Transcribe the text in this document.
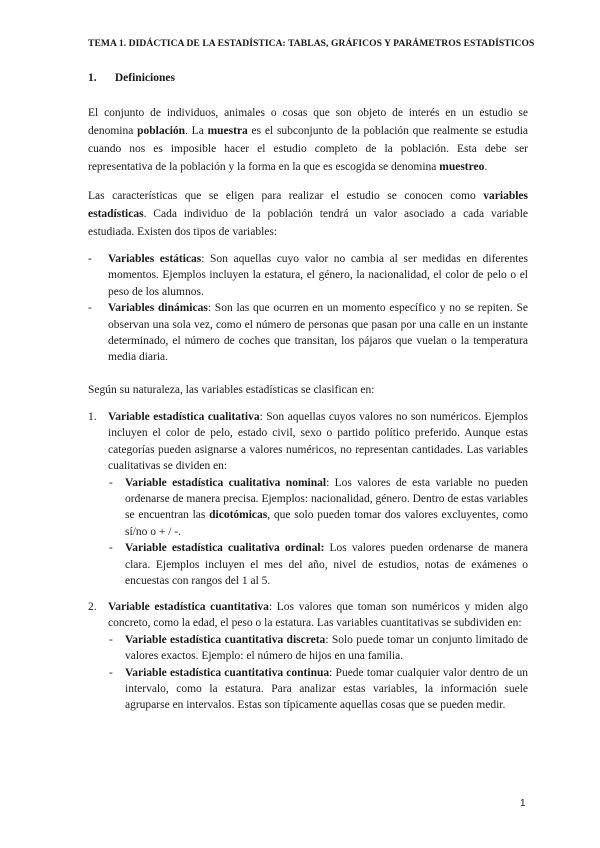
TEMA 1. DIDÁCTICA DE LA ESTADÍSTICA: TABLAS, GRÁFICOS Y PARÁMETROS ESTADÍSTICOS
1. Definiciones
El conjunto de individuos, animales o cosas que son objeto de interés en un estudio se denomina población. La muestra es el subconjunto de la población que realmente se estudia cuando nos es imposible hacer el estudio completo de la población. Esta debe ser representativa de la población y la forma en la que es escogida se denomina muestreo.
Las características que se eligen para realizar el estudio se conocen como variables estadísticas. Cada individuo de la población tendrá un valor asociado a cada variable estudiada. Existen dos tipos de variables:
- Variables estáticas: Son aquellas cuyo valor no cambia al ser medidas en diferentes momentos. Ejemplos incluyen la estatura, el género, la nacionalidad, el color de pelo o el peso de los alumnos.
- Variables dinámicas: Son las que ocurren en un momento específico y no se repiten. Se observan una sola vez, como el número de personas que pasan por una calle en un instante determinado, el número de coches que transitan, los pájaros que vuelan o la temperatura media diaria.
Según su naturaleza, las variables estadísticas se clasifican en:
1. Variable estadística cualitativa: Son aquellas cuyos valores no son numéricos. Ejemplos incluyen el color de pelo, estado civil, sexo o partido político preferido. Aunque estas categorías pueden asignarse a valores numéricos, no representan cantidades. Las variables cualitativas se dividen en:
- Variable estadística cualitativa nominal: Los valores de esta variable no pueden ordenarse de manera precisa. Ejemplos: nacionalidad, género. Dentro de estas variables se encuentran las dicotómicas, que solo pueden tomar dos valores excluyentes, como sí/no o + / -.
- Variable estadística cualitativa ordinal: Los valores pueden ordenarse de manera clara. Ejemplos incluyen el mes del año, nivel de estudios, notas de exámenes o encuestas con rangos del 1 al 5.
2. Variable estadística cuantitativa: Los valores que toman son numéricos y miden algo concreto, como la edad, el peso o la estatura. Las variables cuantitativas se subdividen en:
- Variable estadística cuantitativa discreta: Solo puede tomar un conjunto limitado de valores exactos. Ejemplo: el número de hijos en una familia.
- Variable estadística cuantitativa continua: Puede tomar cualquier valor dentro de un intervalo, como la estatura. Para analizar estas variables, la información suele agruparse en intervalos. Estas son típicamente aquellas cosas que se pueden medir.
1
